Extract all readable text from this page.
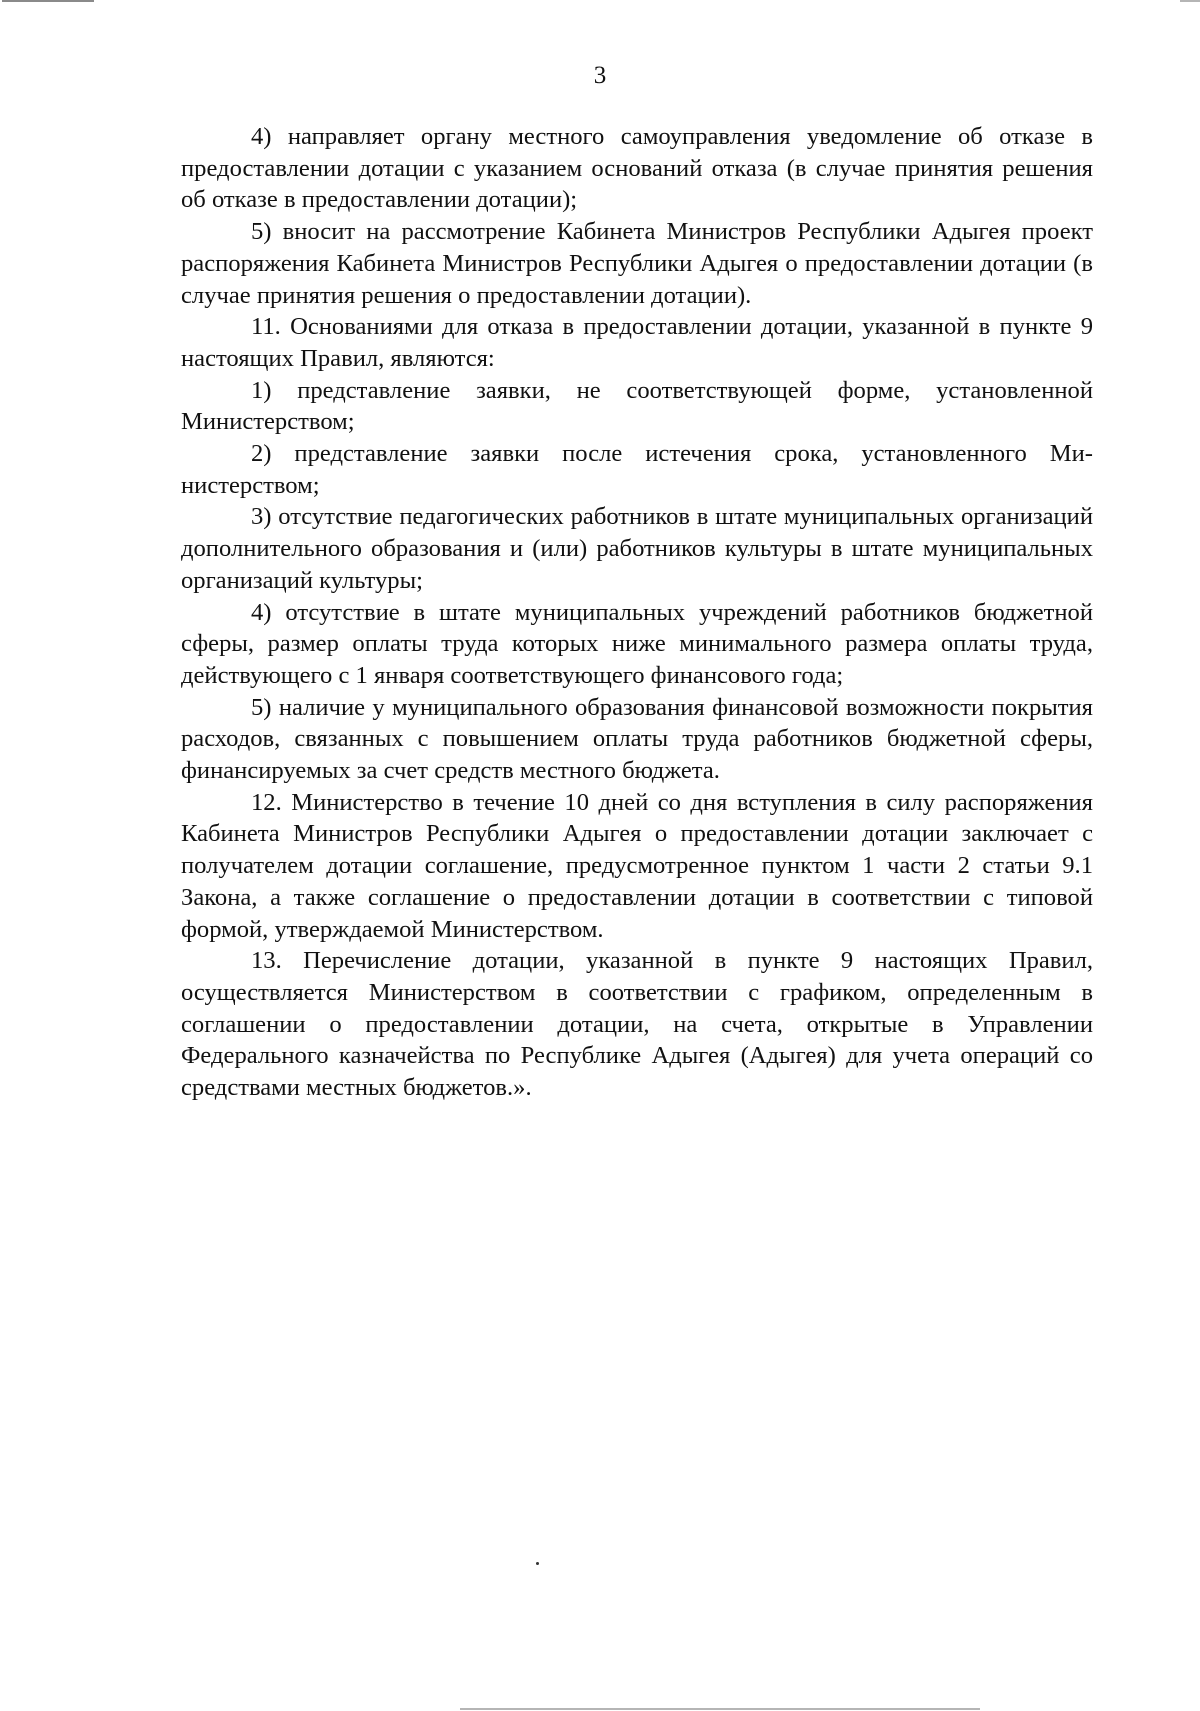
3

4) направляет органу местного самоуправления уведомление об отказе в предоставлении дотации с указанием оснований отказа (в случае принятия решения об отказе в предоставлении дотации);

5) вносит на рассмотрение Кабинета Министров Республики Адыгея проект распоряжения Кабинета Министров Республики Адыгея о предоставлении дотации (в случае принятия решения о предоставлении дотации).

11. Основаниями для отказа в предоставлении дотации, указанной в пункте 9 настоящих Правил, являются:

1) представление заявки, не соответствующей форме, установленной Министерством;

2) представление заявки после истечения срока, установленного Министерством;

3) отсутствие педагогических работников в штате муниципальных организаций дополнительного образования и (или) работников культуры в штате муниципальных организаций культуры;

4) отсутствие в штате муниципальных учреждений работников бюджетной сферы, размер оплаты труда которых ниже минимального размера оплаты труда, действующего с 1 января соответствующего финансового года;

5) наличие у муниципального образования финансовой возможности покрытия расходов, связанных с повышением оплаты труда работников бюджетной сферы, финансируемых за счет средств местного бюджета.

12. Министерство в течение 10 дней со дня вступления в силу распоряжения Кабинета Министров Республики Адыгея о предоставлении дотации заключает с получателем дотации соглашение, предусмотренное пунктом 1 части 2 статьи 9.1 Закона, а также соглашение о предоставлении дотации в соответствии с типовой формой, утверждаемой Министерством.

13. Перечисление дотации, указанной в пункте 9 настоящих Правил, осуществляется Министерством в соответствии с графиком, определенным в соглашении о предоставлении дотации, на счета, открытые в Управлении Федерального казначейства по Республике Адыгея (Адыгея) для учета операций со средствами местных бюджетов.».
